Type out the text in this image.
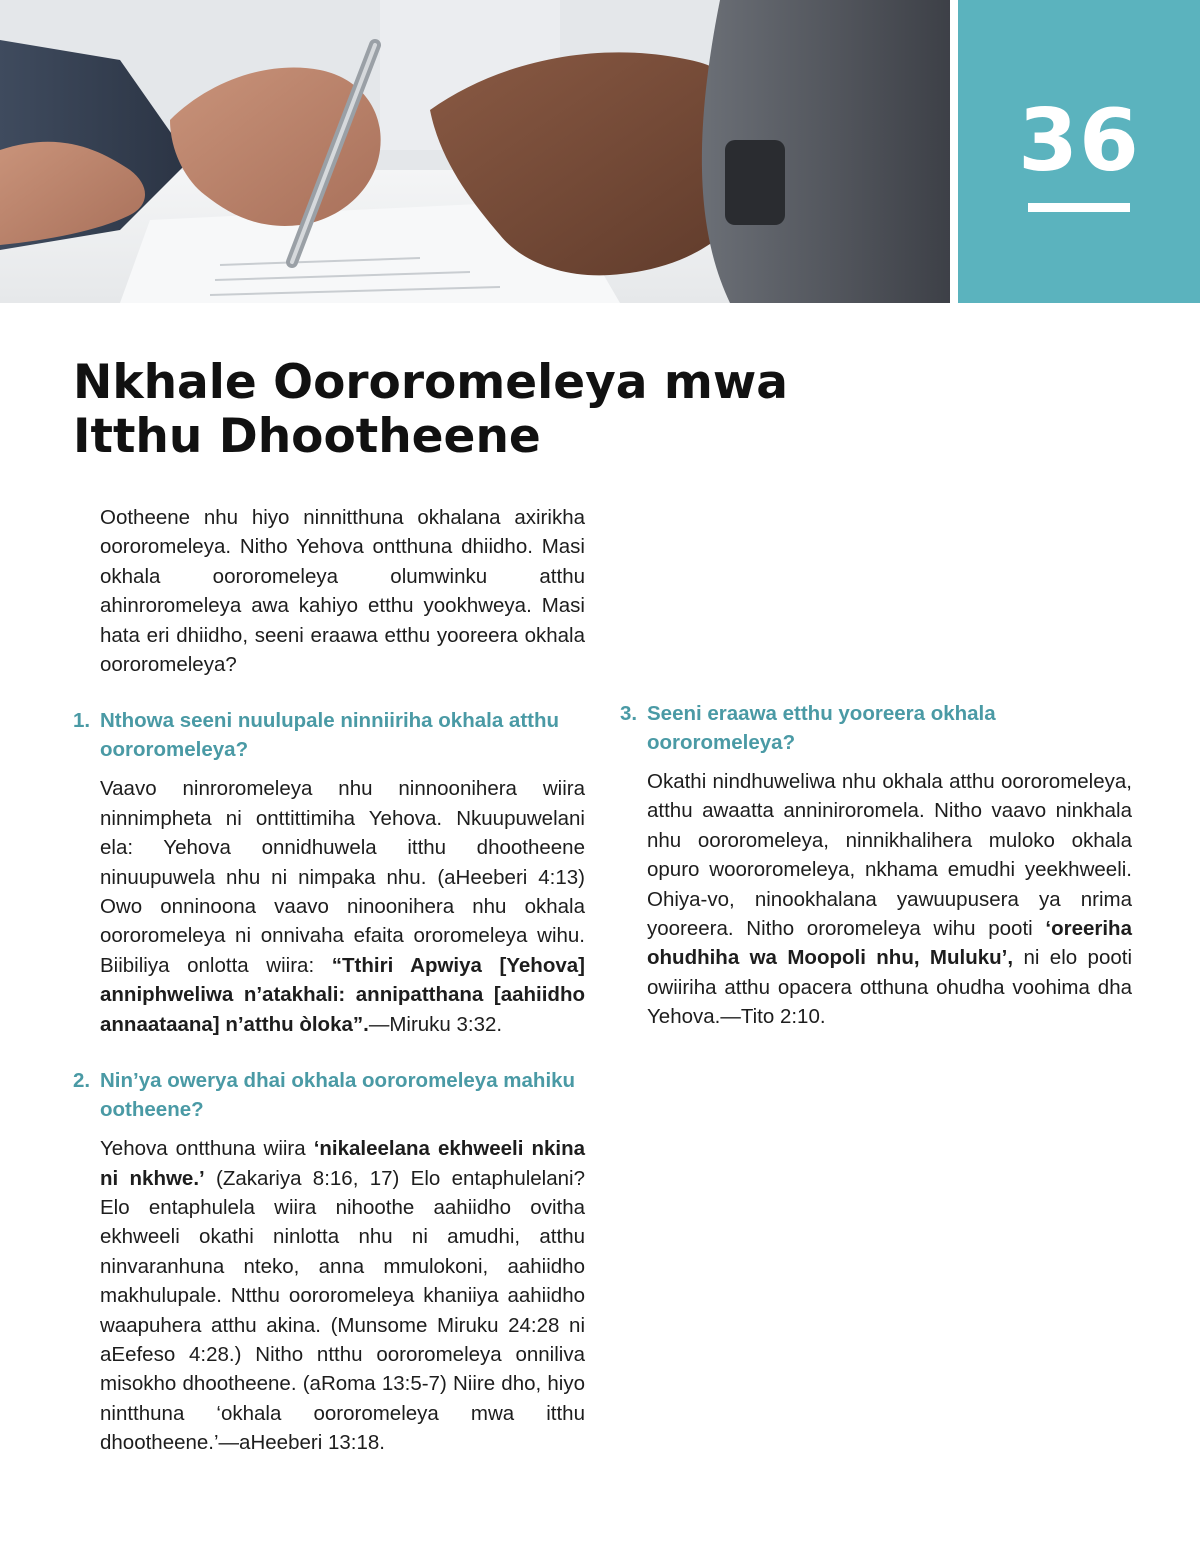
36
Nkhale Oororomeleya mwa
Itthu Dhootheene

Ootheene nhu hiyo ninnitthuna okhalana axirikha oororomeleya. Nitho Yehova ontthuna dhiidho. Masi okhala oororomeleya olumwinku atthu ahinroromeleya awa kahiyo etthu yookhweya. Masi hata eri dhiidho, seeni eraawa etthu yooreera okhala oororomeleya?

1. Nthowa seeni nuulupale ninniiriha okhala atthu oororomeleya?

Vaavo ninroromeleya nhu ninnoonihera wiira ninnimpheta ni onttittimiha Yehova. Nkuupuwelani ela: Yehova onnidhuwela itthu dhootheene ninuupuwela nhu ni nimpaka nhu. (aHeeberi 4:13) Owo onninoona vaavo ninoonihera nhu okhala oororomeleya ni onnivaha efaita ororomeleya wihu. Biibiliya onlotta wiira: “Tthiri Apwiya [Yehova] anniphweliwa n’atakhali: annipatthana [aahiidho annaataana] n’atthu òloka”.—Miruku 3:32.

2. Nin’ya owerya dhai okhala oororomeleya mahiku ootheene?

Yehova ontthuna wiira ‘nikaleelana ekhweeli nkina ni nkhwe.’ (Zakariya 8:16, 17) Elo entaphulelani? Elo entaphulela wiira nihoothe aahiidho ovitha ekhweeli okathi ninlotta nhu ni amudhi, atthu ninvaranhuna nteko, anna mmulokoni, aahiidho makhulupale. Ntthu oororomeleya khaniiya aahiidho waapuhera atthu akina. (Munsome Miruku 24:28 ni aEefeso 4:28.) Nitho ntthu oororomeleya onniliva misokho dhootheene. (aRoma 13:5-7) Niire dho, hiyo nintthuna ‘okhala oororomeleya mwa itthu dhootheene.’—aHeeberi 13:18.

3. Seeni eraawa etthu yooreera okhala oororomeleya?

Okathi nindhuweliwa nhu okhala atthu oororomeleya, atthu awaatta anniniroromela. Nitho vaavo ninkhala nhu oororomeleya, ninnikhalihera muloko okhala opuro woororomeleya, nkhama emudhi yeekhweeli. Ohiya-vo, ninookhalana yawuupusera ya nrima yooreera. Nitho ororomeleya wihu pooti ‘oreeriha ohudhiha wa Moopoli nhu, Muluku’, ni elo pooti owiiriha atthu opacera otthuna ohudha voohima dha Yehova.—Tito 2:10.
